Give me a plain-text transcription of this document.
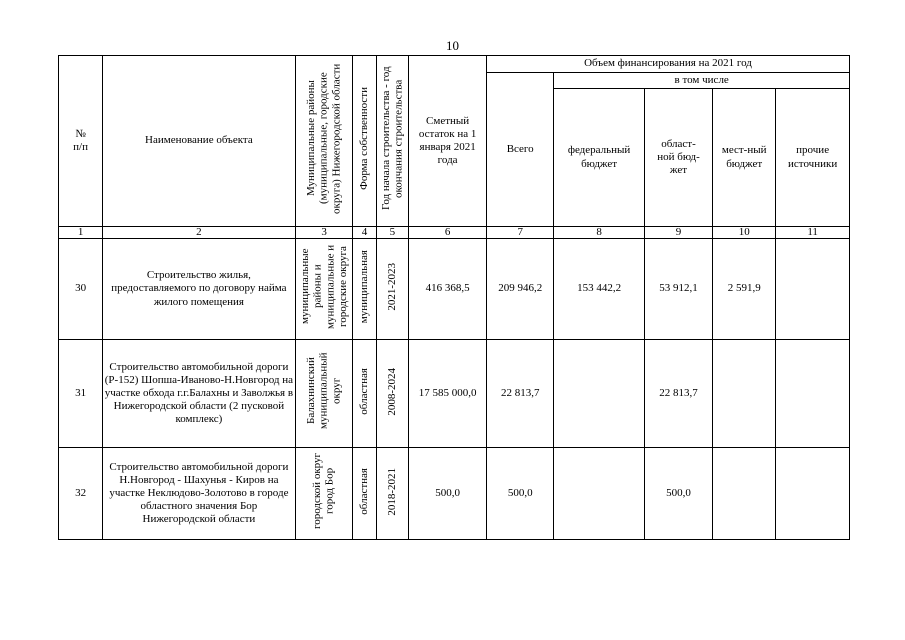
10
№
п/п	Наименование объекта	Муниципальные районы (муниципальные, городские округа) Нижегородской области	Форма собственности	Год начала строительства - год окончания строительства	Сметный остаток на 1 января 2021 года	Объем финансирования на 2021 год				
						Всего	в том числе			
							федеральный бюджет	област-ной бюд-жет	мест-ный бюджет	прочие источники
1	2	3	4	5	6	7	8	9	10	11
30	Строительство жилья, предоставляемого по договору найма жилого помещения	муниципальные районы и муниципальные и городские округа	муниципальная	2021-2023	416 368,5	209 946,2	153 442,2	53 912,1	2 591,9	
31	Строительство автомобильной дороги (Р-152) Шопша-Иваново-Н.Новгород на участке обхода г.г.Балахны и Заволжья в Нижегородской области (2 пусковой комплекс)	Балахнинский муниципальный округ	областная	2008-2024	17 585 000,0	22 813,7		22 813,7		
32	Строительство автомобильной дороги Н.Новгород - Шахунья - Киров на участке Неклюдово-Золотово в городе областного значения Бор Нижегородской области	городской округ город Бор	областная	2018-2021	500,0	500,0		500,0		
